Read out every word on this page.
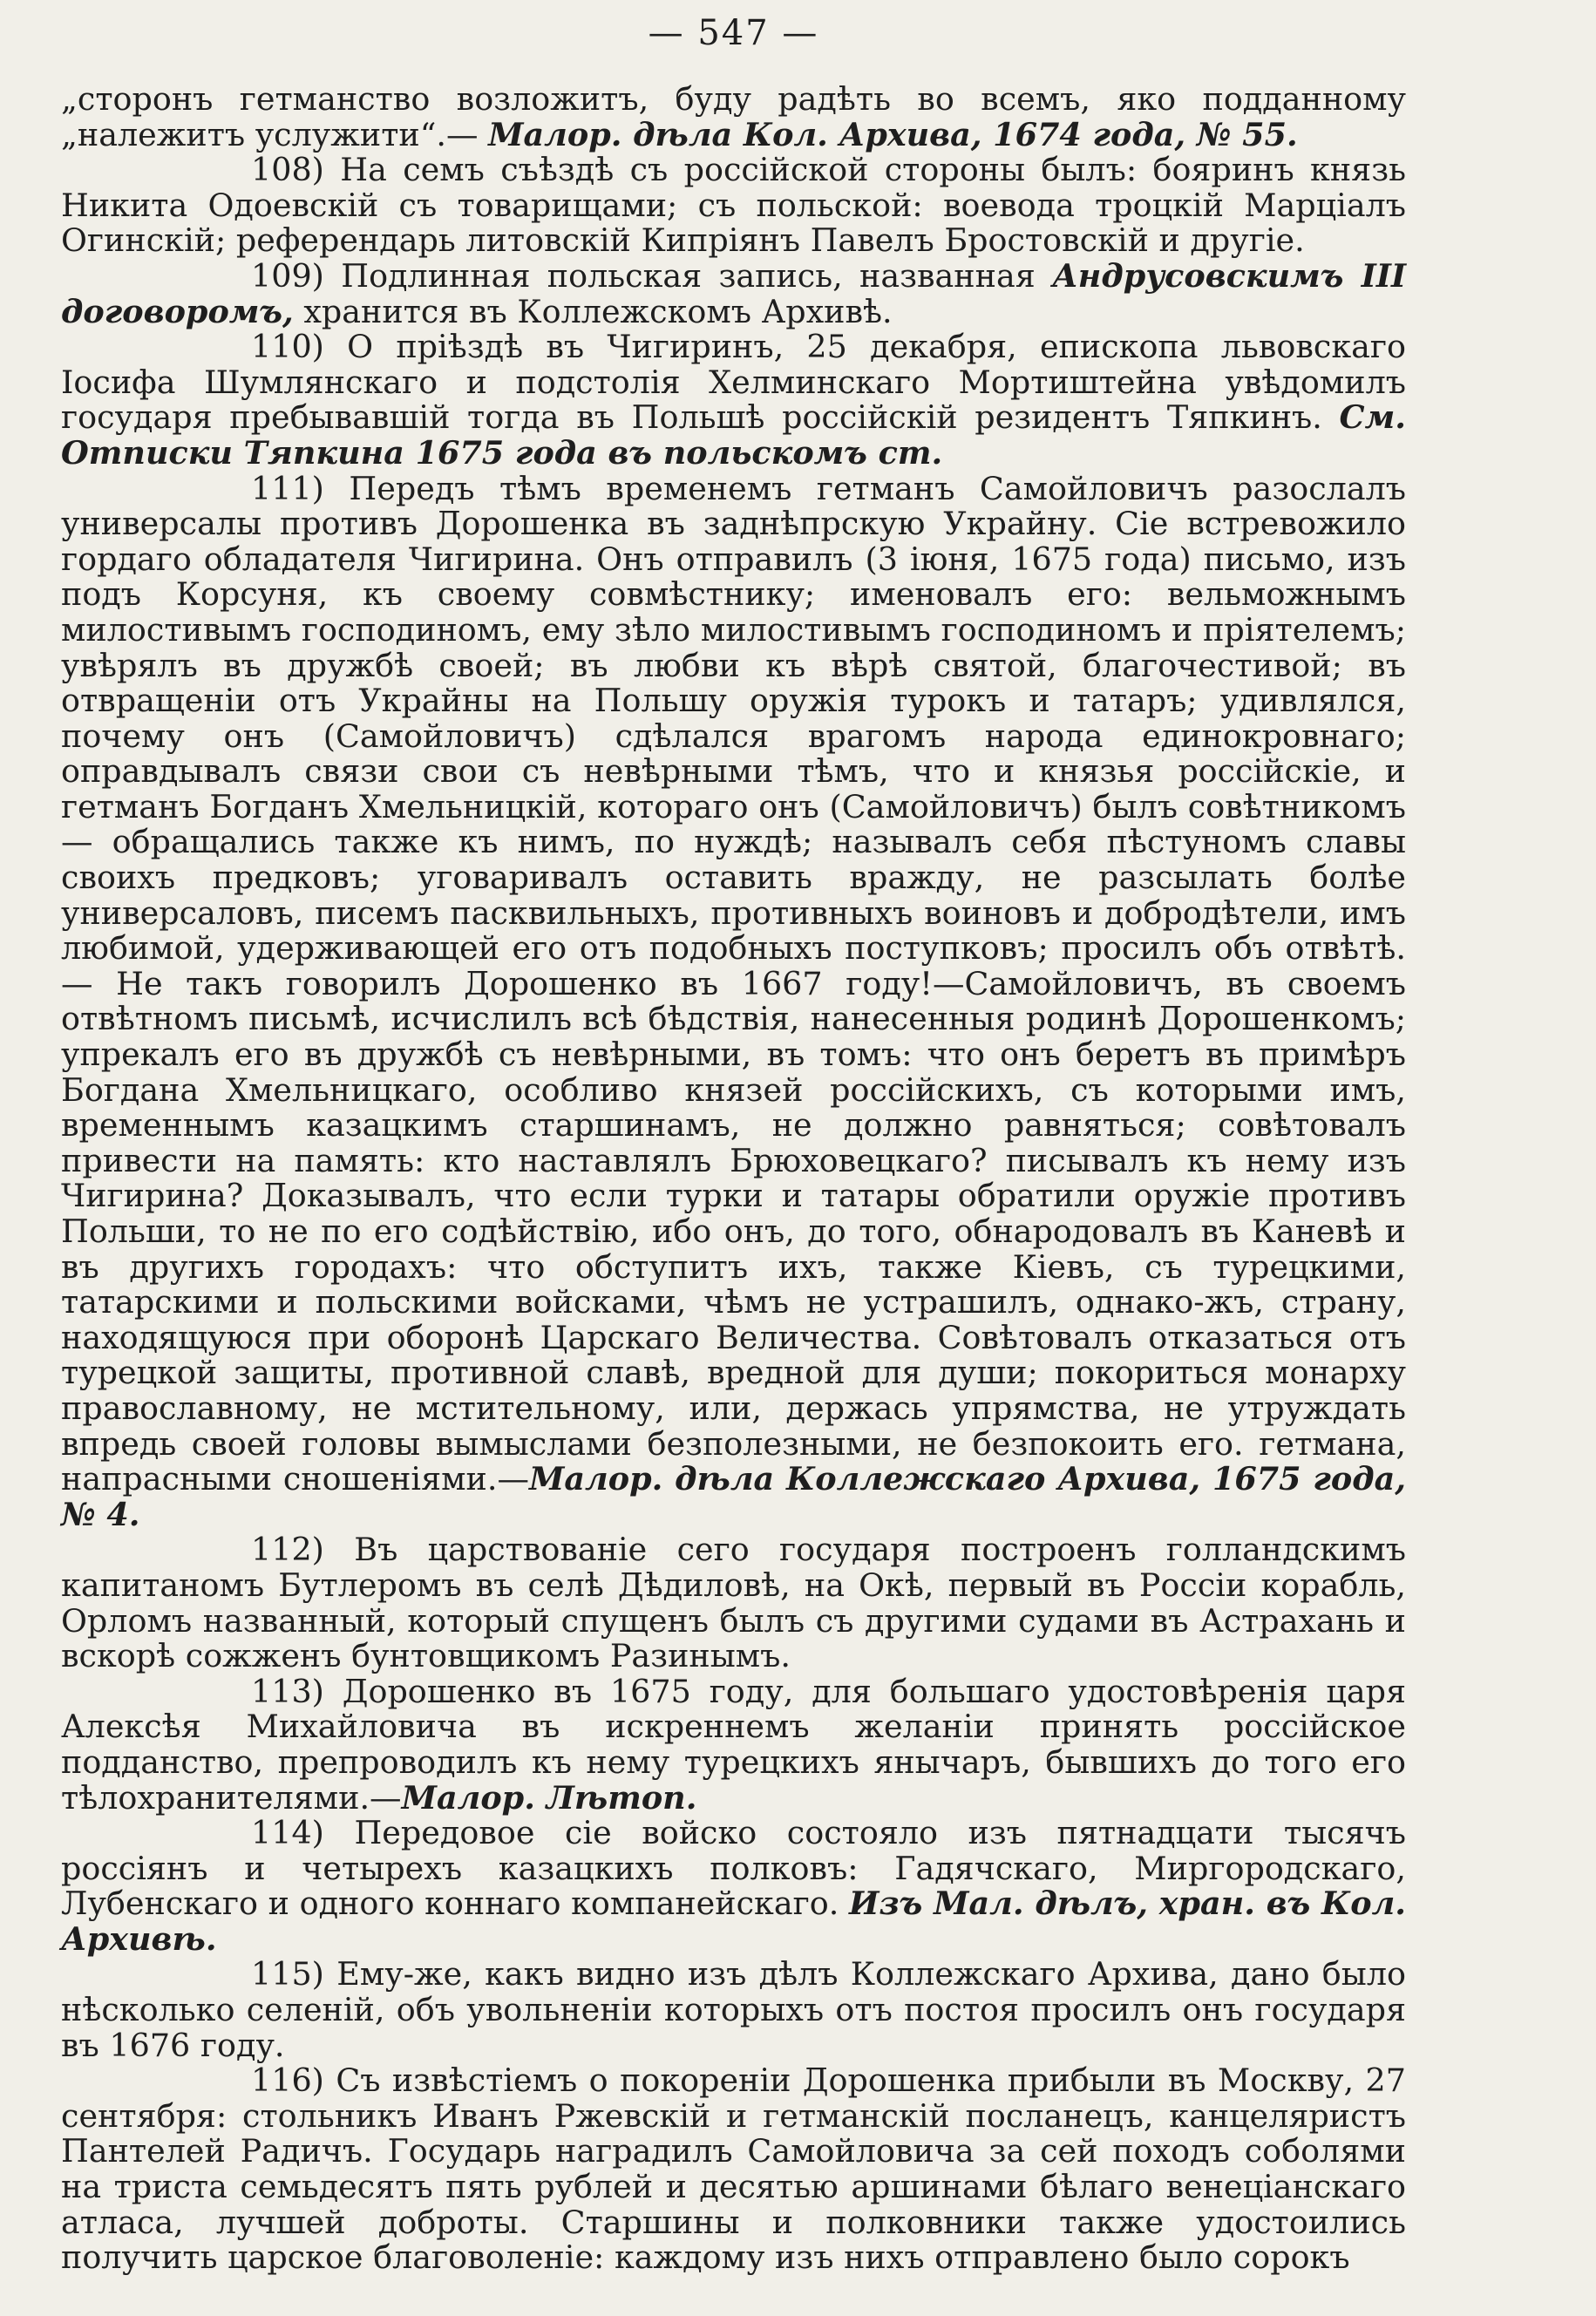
— 547 —

„сторонъ гетманство возложитъ, буду радѣть во всемъ, яко подданному „належитъ услужити“.— Малор. дѣла Кол. Архива, 1674 года, № 55.

108) На семъ съѣздѣ съ россійской стороны былъ: бояринъ князь Никита Одоевскій съ товарищами; съ польской: воевода троцкій Марціалъ Огинскій; референдарь литовскій Кипріянъ Павелъ Бростовскій и другіе.

109) Подлинная польская запись, названная Андрусовскимъ III договоромъ, хранится въ Коллежскомъ Архивѣ.

110) О пріѣздѣ въ Чигиринъ, 25 декабря, епископа львовскаго Іосифа Шумлянскаго и подстолія Хелминскаго Мортиштейна увѣдомилъ государя пребывавшій тогда въ Польшѣ россійскій резидентъ Тяпкинъ. См. Отписки Тяпкина 1675 года въ польскомъ ст.

111) Передъ тѣмъ временемъ гетманъ Самойловичъ разослалъ универсалы противъ Дорошенка въ заднѣпрскую Украйну. Сіе встревожило гордаго обладателя Чигирина. Онъ отправилъ (3 іюня, 1675 года) письмо, изъ подъ Корсуня, къ своему совмѣстнику; именовалъ его: вельможнымъ милостивымъ господиномъ, ему зѣло милостивымъ господиномъ и пріятелемъ; увѣрялъ въ дружбѣ своей; въ любви къ вѣрѣ святой, благочестивой; въ отвращеніи отъ Украйны на Польшу оружія турокъ и татаръ; удивлялся, почему онъ (Самойловичъ) сдѣлался врагомъ народа единокровнаго; оправдывалъ связи свои съ невѣрными тѣмъ, что и князья россійскіе, и гетманъ Богданъ Хмельницкій, котораго онъ (Самойловичъ) былъ совѣтникомъ— обращались также къ нимъ, по нуждѣ; называлъ себя пѣстуномъ славы своихъ предковъ; уговаривалъ оставить вражду, не разсылать болѣе универсаловъ, писемъ пасквильныхъ, противныхъ воиновъ и добродѣтели, имъ любимой, удерживающей его отъ подобныхъ поступковъ; просилъ объ отвѣтѣ.— Не такъ говорилъ Дорошенко въ 1667 году!—Самойловичъ, въ своемъ отвѣтномъ письмѣ, исчислилъ всѣ бѣдствія, нанесенныя родинѣ Дорошенкомъ; упрекалъ его въ дружбѣ съ невѣрными, въ томъ: что онъ беретъ въ примѣръ Богдана Хмельницкаго, особливо князей россійскихъ, съ которыми имъ, временнымъ казацкимъ старшинамъ, не должно равняться; совѣтовалъ привести на память: кто наставлялъ Брюховецкаго? писывалъ къ нему изъ Чигирина? Доказывалъ, что если турки и татары обратили оружіе противъ Польши, то не по его содѣйствію, ибо онъ, до того, обнародовалъ въ Каневѣ и въ другихъ городахъ: что обступитъ ихъ, также Кіевъ, съ турецкими, татарскими и польскими войсками, чѣмъ не устрашилъ, однако-жъ, страну, находящуюся при оборонѣ Царскаго Величества. Совѣтовалъ отказаться отъ турецкой защиты, противной славѣ, вредной для души; покориться монарху православному, не мстительному, или, держась упрямства, не утруждать впредь своей головы вымыслами безполезными, не безпокоить его. гетмана, напрасными сношеніями.—Малор. дѣла Коллежскаго Архива, 1675 года, № 4.

112) Въ царствованіе сего государя построенъ голландскимъ капитаномъ Бутлеромъ въ селѣ Дѣдиловѣ, на Окѣ, первый въ Россіи корабль, Орломъ названный, который спущенъ былъ съ другими судами въ Астрахань и вскорѣ сожженъ бунтовщикомъ Разинымъ.

113) Дорошенко въ 1675 году, для большаго удостовѣренія царя Алексѣя Михайловича въ искреннемъ желаніи принять россійское подданство, препроводилъ къ нему турецкихъ янычаръ, бывшихъ до того его тѣлохранителями.—Малор. Лѣтоп.

114) Передовое сіе войско состояло изъ пятнадцати тысячъ россіянъ и четырехъ казацкихъ полковъ: Гадячскаго, Миргородскаго, Лубенскаго и одного коннаго компанейскаго. Изъ Мал. дѣлъ, хран. въ Кол. Архивѣ.

115) Ему-же, какъ видно изъ дѣлъ Коллежскаго Архива, дано было нѣсколько селеній, объ увольненіи которыхъ отъ постоя просилъ онъ государя въ 1676 году.

116) Съ извѣстіемъ о покореніи Дорошенка прибыли въ Москву, 27 сентября: стольникъ Иванъ Ржевскій и гетманскій посланецъ, канцеляристъ Пантелей Радичъ. Государь наградилъ Самойловича за сей походъ соболями на триста семьдесятъ пять рублей и десятью аршинами бѣлаго венеціанскаго атласа, лучшей доброты. Старшины и полковники также удостоились получить царское благоволеніе: каждому изъ нихъ отправлено было сорокъ
